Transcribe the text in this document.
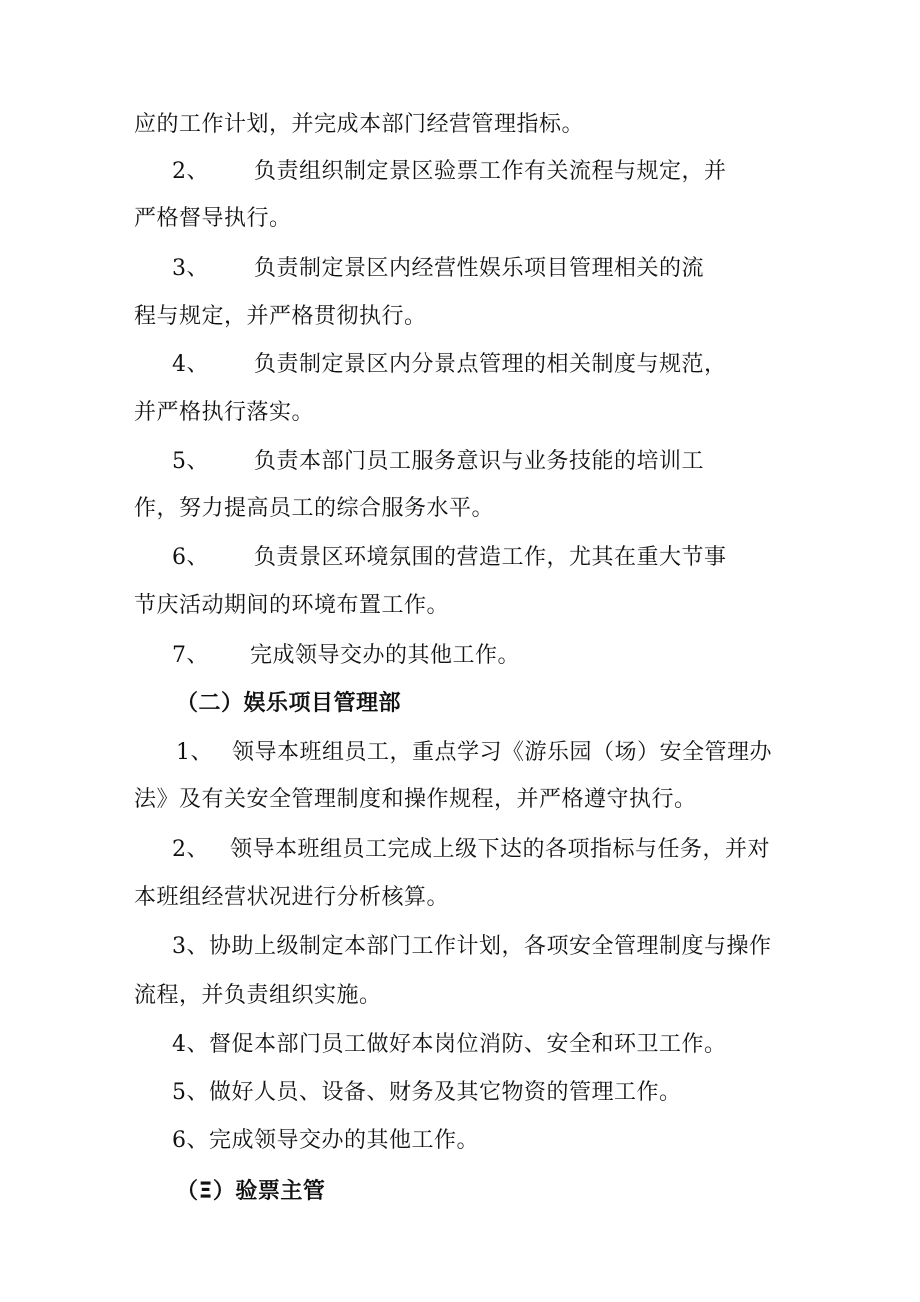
应的工作计划，并完成本部门经营管理指标。
2、 负责组织制定景区验票工作有关流程与规定，并
严格督导执行。
3、 负责制定景区内经营性娱乐项目管理相关的流
程与规定，并严格贯彻执行。
4、 负责制定景区内分景点管理的相关制度与规范，
并严格执行落实。
5、 负责本部门员工服务意识与业务技能的培训工
作，努力提高员工的综合服务水平。
6、 负责景区环境氛围的营造工作，尤其在重大节事
节庆活动期间的环境布置工作。
7、 完成领导交办的其他工作。
（二）娱乐项目管理部
1、 领导本班组员工，重点学习《游乐园（场）安全管理办
法》及有关安全管理制度和操作规程，并严格遵守执行。
2、 领导本班组员工完成上级下达的各项指标与任务，并对
本班组经营状况进行分析核算。
3、协助上级制定本部门工作计划，各项安全管理制度与操作
流程，并负责组织实施。
4、督促本部门员工做好本岗位消防、安全和环卫工作。
5、做好人员、设备、财务及其它物资的管理工作。
6、完成领导交办的其他工作。
（Ξ）验票主管
